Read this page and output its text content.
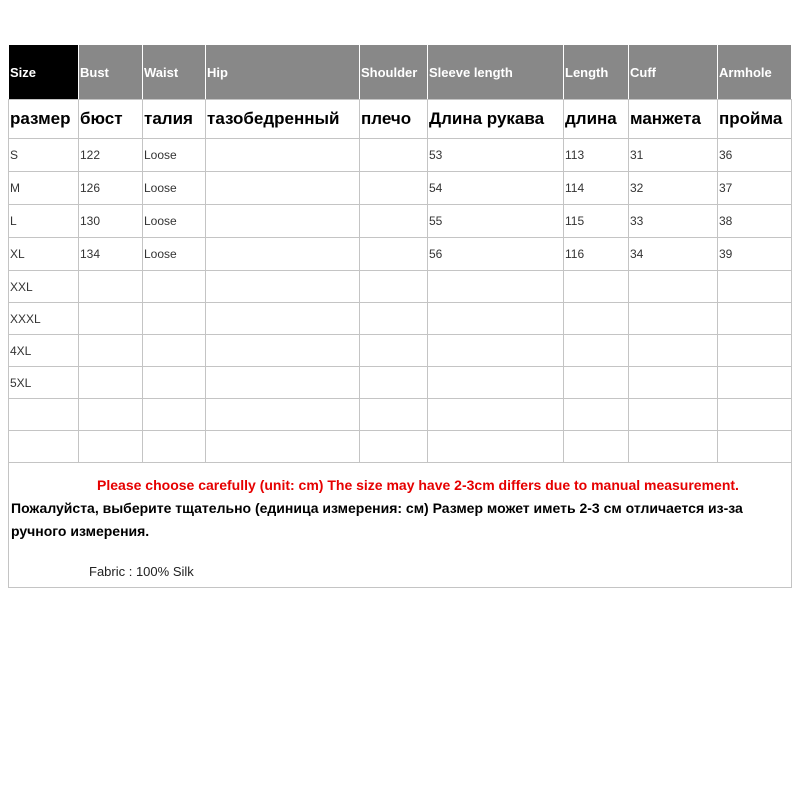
Size	Bust	Waist	Hip	Shoulder	Sleeve length	Length	Cuff	Armhole
размер	бюст	талия	тазобедренный	плечо	Длина рукава	длина	манжета	пройма
S	122	Loose			53	113	31	36
M	126	Loose			54	114	32	37
L	130	Loose			55	115	33	38
XL	134	Loose			56	116	34	39
XXL								
XXXL								
4XL								
5XL								

Please choose carefully (unit: cm) The size may have 2-3cm differs due to manual measurement.
Пожалуйста, выберите тщательно (единица измерения: см) Размер может иметь 2-3 см отличается из-за ручного измерения.								
Fabric : 100% Silk
